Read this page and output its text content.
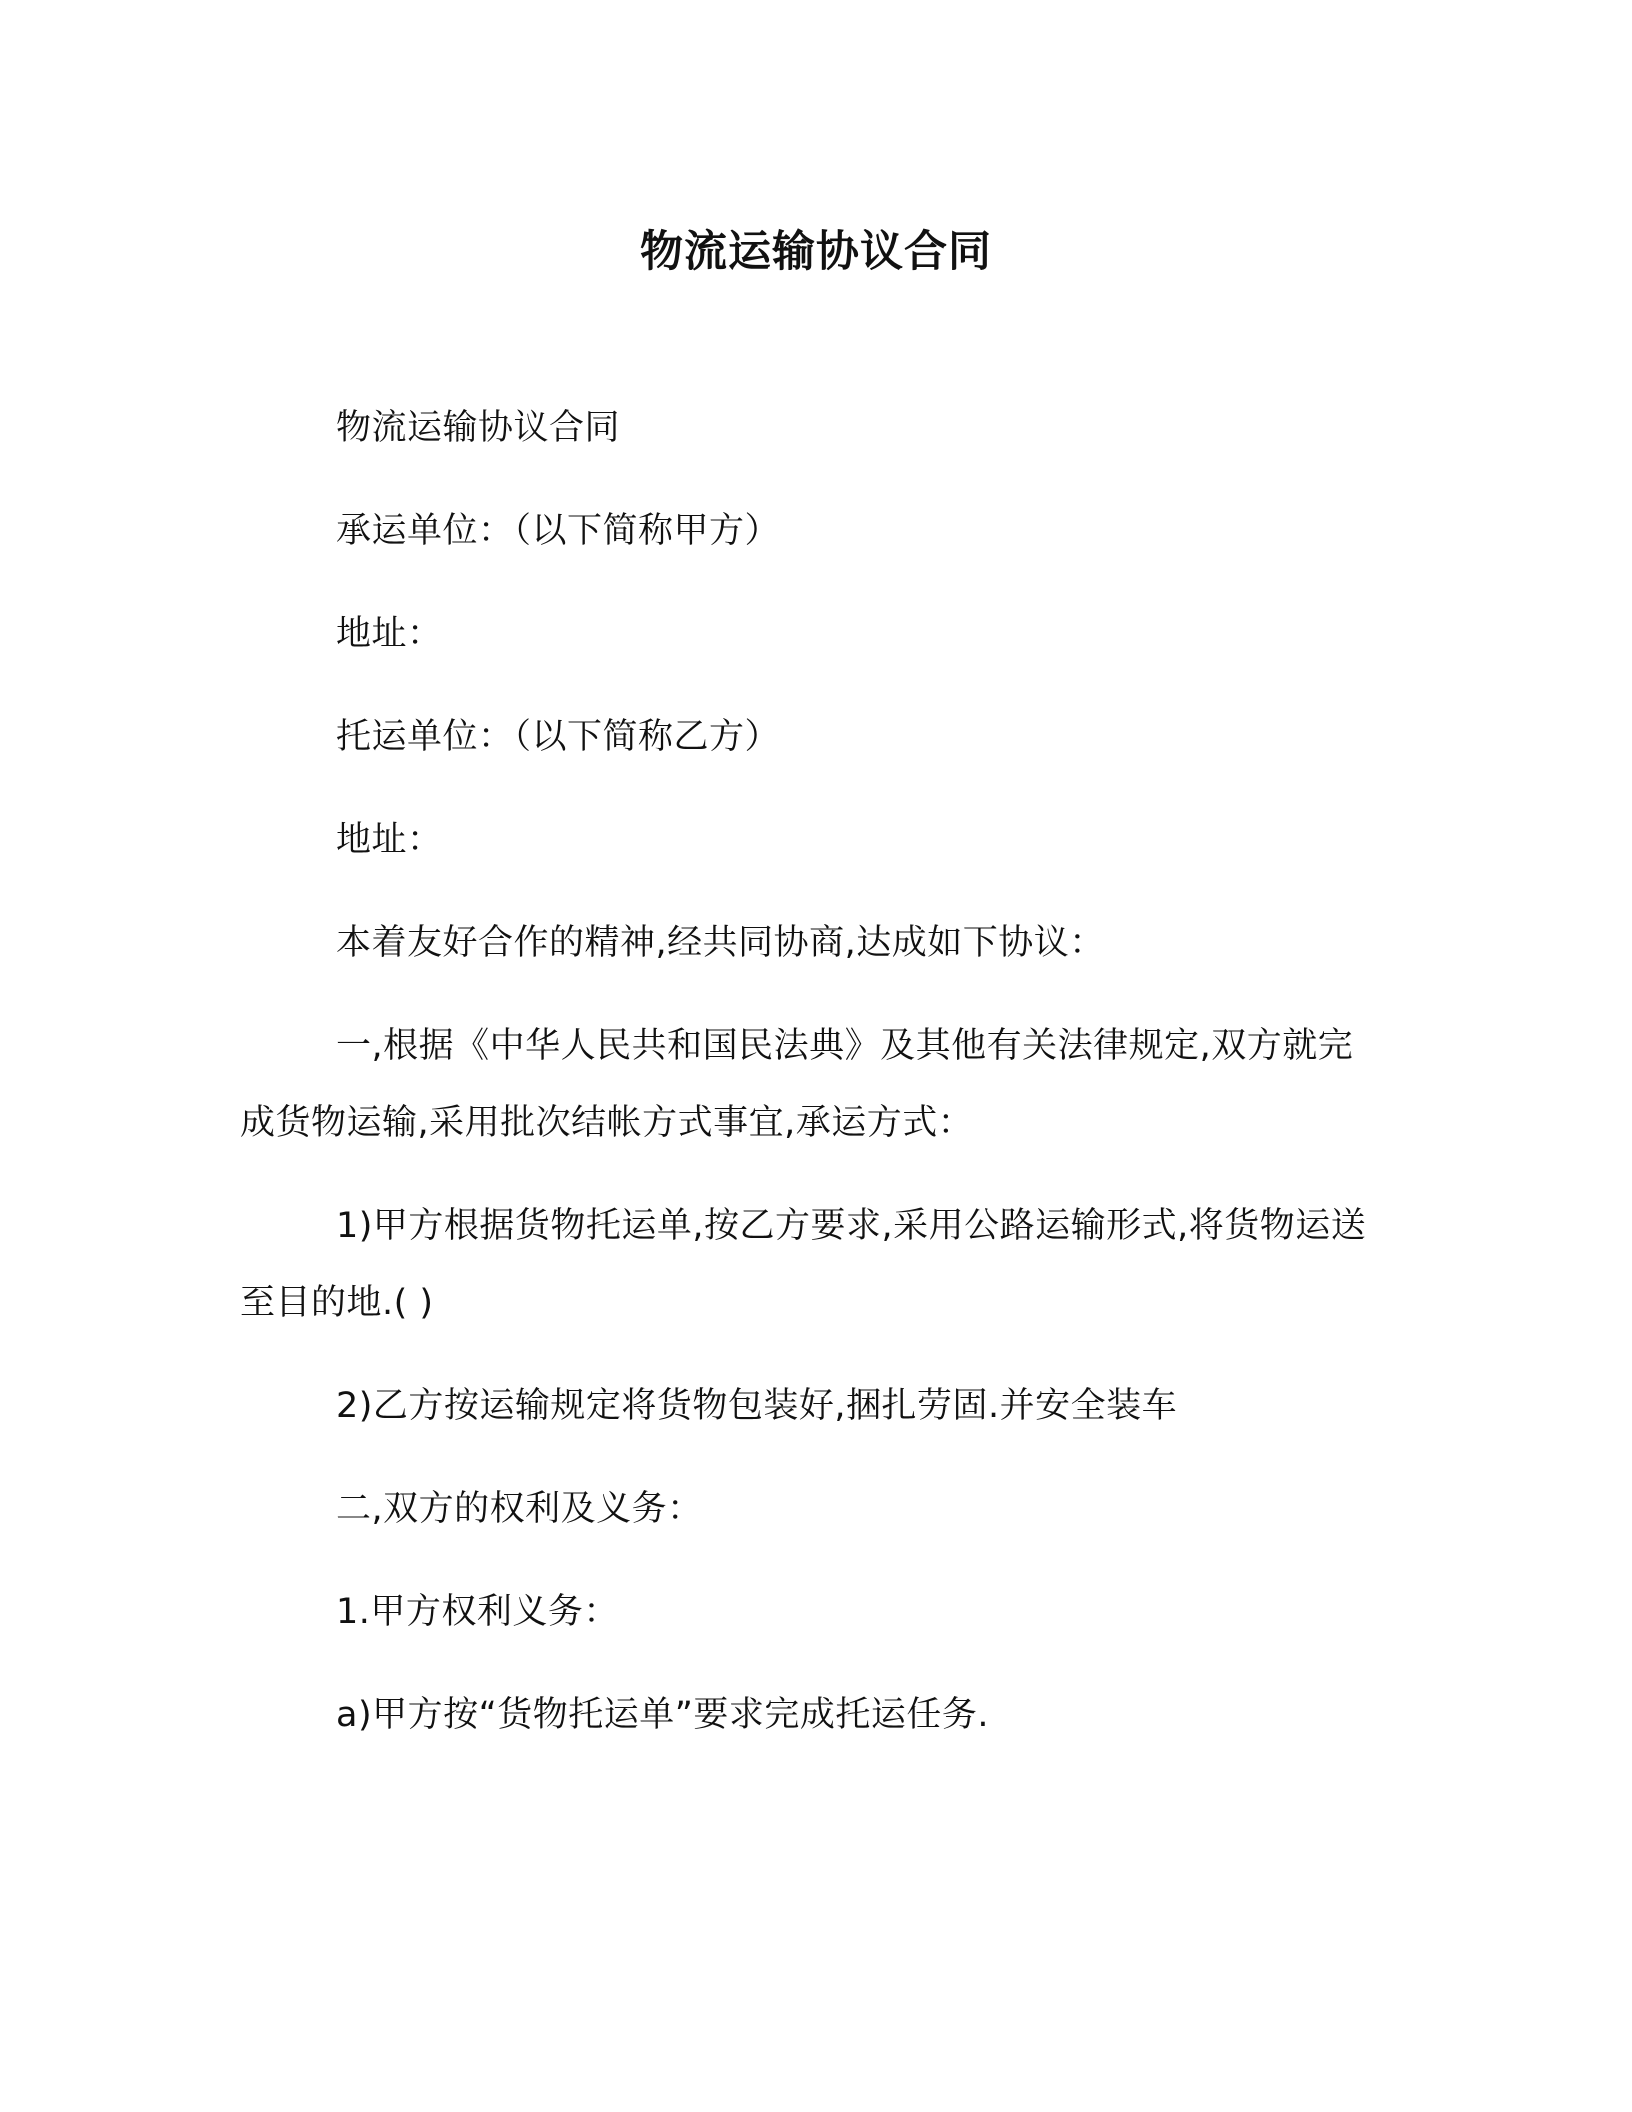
物流运输协议合同

物流运输协议合同

承运单位：（以下简称甲方）

地址：

托运单位：（以下简称乙方）

地址：

本着友好合作的精神,经共同协商,达成如下协议：

一,根据《中华人民共和国民法典》及其他有关法律规定,双方就完成货物运输,采用批次结帐方式事宜,承运方式：

1)甲方根据货物托运单,按乙方要求,采用公路运输形式,将货物运送至目的地.( )

2)乙方按运输规定将货物包装好,捆扎劳固.并安全装车

二,双方的权利及义务：

1.甲方权利义务：

a)甲方按“货物托运单”要求完成托运任务.
